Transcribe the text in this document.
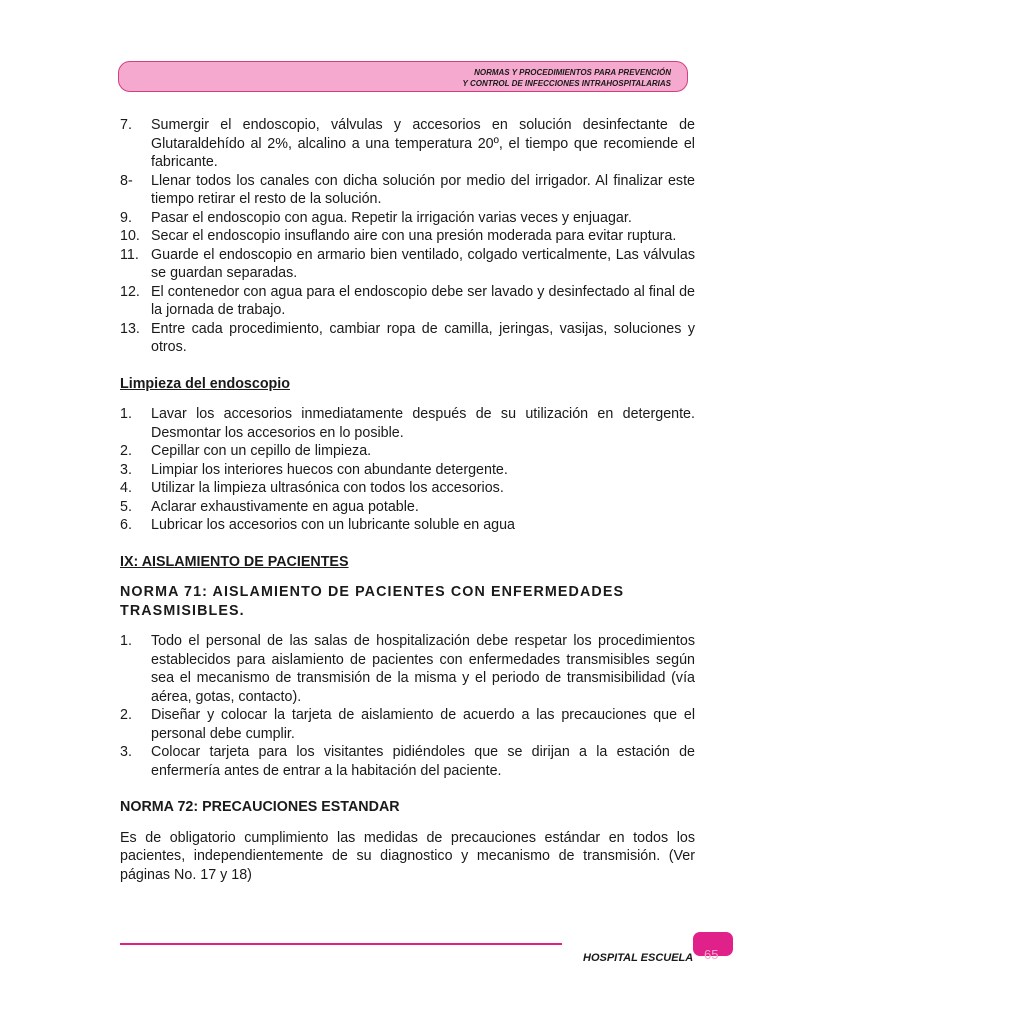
NORMAS Y PROCEDIMIENTOS PARA PREVENCIÓN
Y CONTROL DE INFECCIONES INTRAHOSPITALARIAS
7. Sumergir el endoscopio, válvulas y accesorios en solución desinfectante de Glutaraldehído al 2%, alcalino a una temperatura 20º, el tiempo que recomiende el fabricante.
8- Llenar todos los canales con dicha solución por medio del irrigador. Al finalizar este tiempo retirar el resto de la solución.
9. Pasar el endoscopio con agua. Repetir la irrigación varias veces y enjuagar.
10. Secar el endoscopio insuflando aire con una presión moderada para evitar ruptura.
11. Guarde el endoscopio en armario bien ventilado, colgado verticalmente, Las válvulas se guardan separadas.
12. El contenedor con agua para el endoscopio debe ser lavado y desinfectado al final de la jornada de trabajo.
13. Entre cada procedimiento, cambiar ropa de camilla, jeringas, vasijas, soluciones y otros.
Limpieza del endoscopio
1. Lavar los accesorios inmediatamente después de su utilización en detergente. Desmontar los accesorios en lo posible.
2. Cepillar con un cepillo de limpieza.
3. Limpiar los interiores huecos con abundante detergente.
4. Utilizar la limpieza ultrasónica con todos los accesorios.
5. Aclarar exhaustivamente en agua potable.
6. Lubricar los accesorios con un lubricante soluble en agua
IX: AISLAMIENTO DE PACIENTES
NORMA 71: AISLAMIENTO DE PACIENTES CON ENFERMEDADES
TRASMISIBLES.
1. Todo el personal de las salas de hospitalización debe respetar los procedimientos establecidos para aislamiento de pacientes con enfermedades transmisibles según sea el mecanismo de transmisión de la misma y el periodo de transmisibilidad (vía aérea, gotas, contacto).
2. Diseñar y colocar la tarjeta de aislamiento de acuerdo a las precauciones que el personal debe cumplir.
3. Colocar tarjeta para los visitantes pidiéndoles que se dirijan a la estación de enfermería antes de entrar a la habitación del paciente.
NORMA 72: PRECAUCIONES ESTANDAR
Es de obligatorio cumplimiento las medidas de precauciones estándar en todos los pacientes, independientemente de su diagnostico y mecanismo de transmisión. (Ver páginas No. 17 y 18)
65
HOSPITAL ESCUELA
